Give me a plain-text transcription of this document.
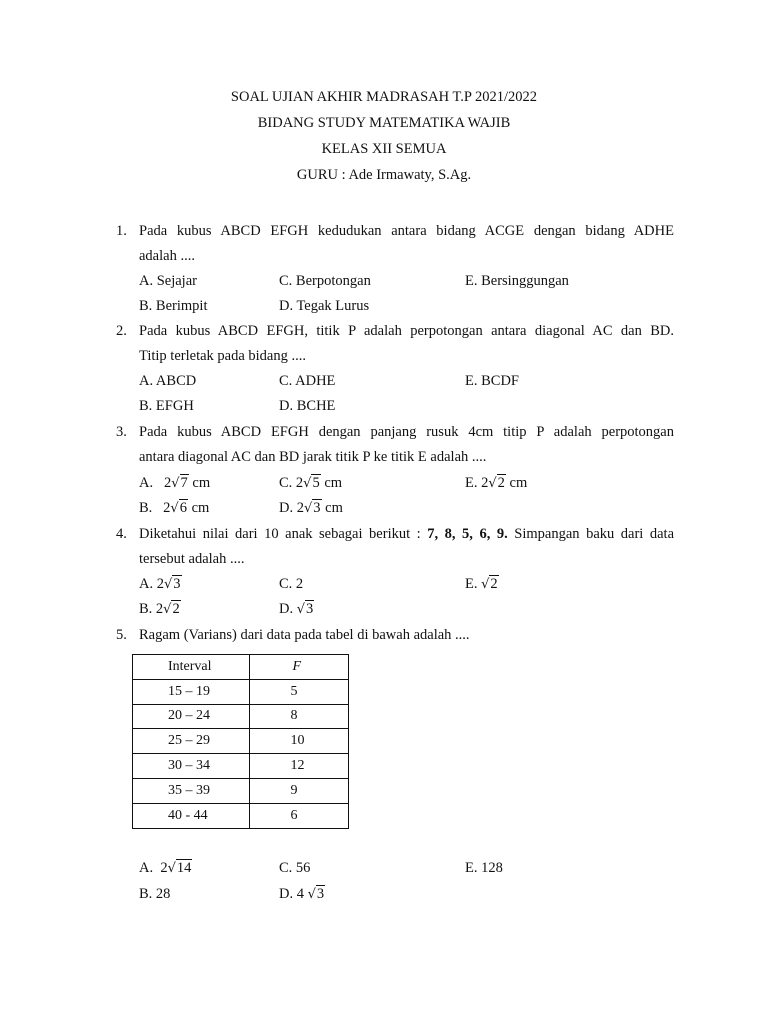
SOAL UJIAN AKHIR MADRASAH T.P 2021/2022
BIDANG STUDY MATEMATIKA WAJIB
KELAS XII SEMUA
GURU : Ade Irmawaty, S.Ag.
1. Pada kubus ABCD EFGH kedudukan antara bidang ACGE dengan bidang ADHE
adalah ....
A. Sejajar	C. Berpotongan	E. Bersinggungan
B. Berimpit	D. Tegak Lurus
2. Pada kubus ABCD EFGH, titik P adalah perpotongan antara diagonal AC dan BD.
Titip terletak pada bidang ....
A. ABCD	C. ADHE	E. BCDF
B. EFGH	D. BCHE
3. Pada kubus ABCD EFGH dengan panjang rusuk 4cm titip P adalah perpotongan
antara diagonal AC dan BD jarak titik P ke titik E adalah ....
A. 2√7 cm	C. 2√5 cm	E. 2√2 cm
B. 2√6 cm	D. 2√3 cm
4. Diketahui nilai dari 10 anak sebagai berikut : 7, 8, 5, 6, 9. Simpangan baku dari data
tersebut adalah ....
A. 2√3	C. 2	E. √2
B. 2√2	D. √3
5. Ragam (Varians) dari data pada tabel di bawah adalah ....
Interval	F
15 – 19	5
20 – 24	8
25 – 29	10
30 – 34	12
35 – 39	9
40 - 44	6
A. 2√14	C. 56	E. 128
B. 28	D. 4 √3
